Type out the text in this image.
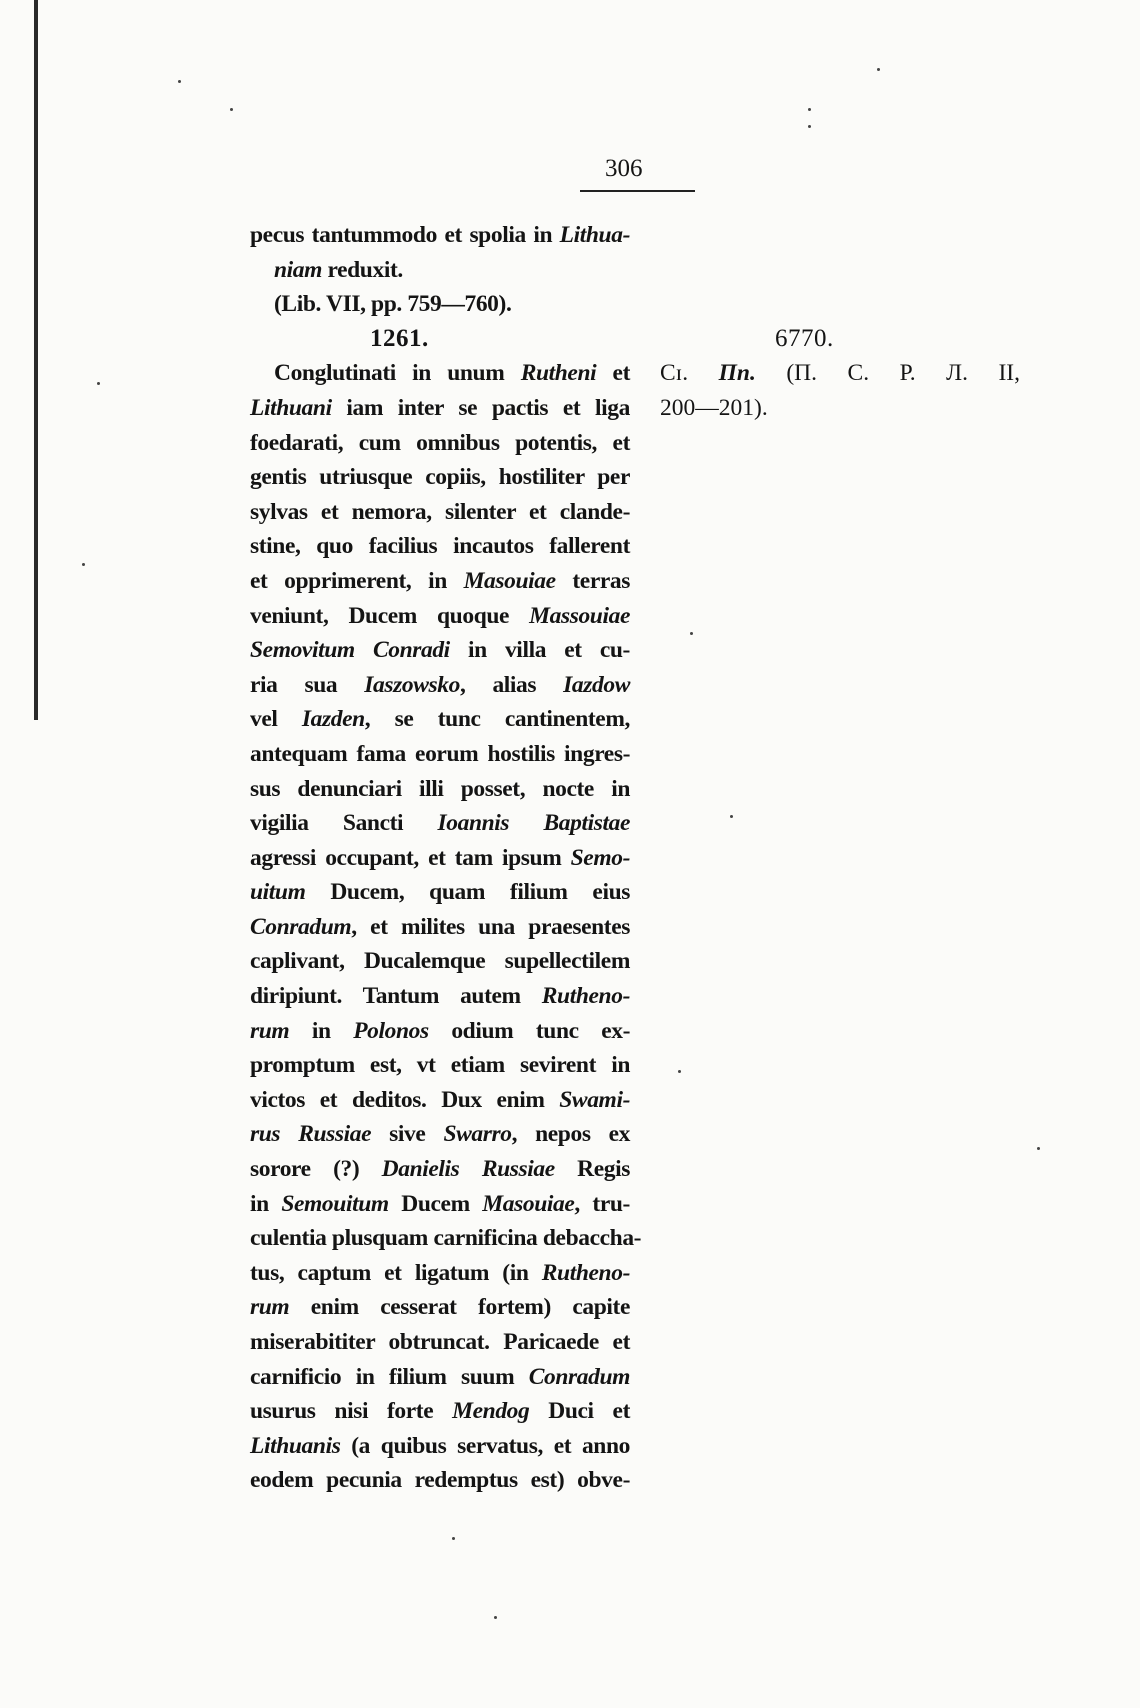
306
pecus tantummodo et spolia in Lithua-
niam reduxit.
(Lib. VII, pp. 759—760).
1261.
Conglutinati in unum Rutheni et
Lithuani iam inter se pactis et liga
foedarati, cum omnibus potentis, et
gentis utriusque copiis, hostiliter per
sylvas et nemora, silenter et clande-
stine, quo facilius incautos fallerent
et opprimerent, in Masouiae terras
veniunt, Ducem quoque Massouiae
Semovitum Conradi in villa et cu-
ria sua Iaszowsko, alias Iazdow
vel Iazden, se tunc cantinentem,
antequam fama eorum hostilis ingres-
sus denunciari illi posset, nocte in
vigilia Sancti Ioannis Baptistae
agressi occupant, et tam ipsum Semo-
uitum Ducem, quam filium eius
Conradum, et milites una praesentes
caplivant, Ducalemque supellectilem
diripiunt. Tantum autem Rutheno-
rum in Polonos odium tunc ex-
promptum est, vt etiam sevirent in
victos et deditos. Dux enim Swami-
rus Russiae sive Swarro, nepos ex
sorore (?) Danielis Russiae Regis
in Semouitum Ducem Masouiae, tru-
culentia plusquam carnificina debaccha-
tus, captum et ligatum (in Rutheno-
rum enim cesserat fortem) capite
miserabititer obtruncat. Paricaede et
carnificio in filium suum Conradum
usurus nisi forte Mendog Duci et
Lithuanis (a quibus servatus, et anno
eodem pecunia redemptus est) obve-
6770.
Cɪ. Пп. (П. С. Р. Л. II,
200—201).
